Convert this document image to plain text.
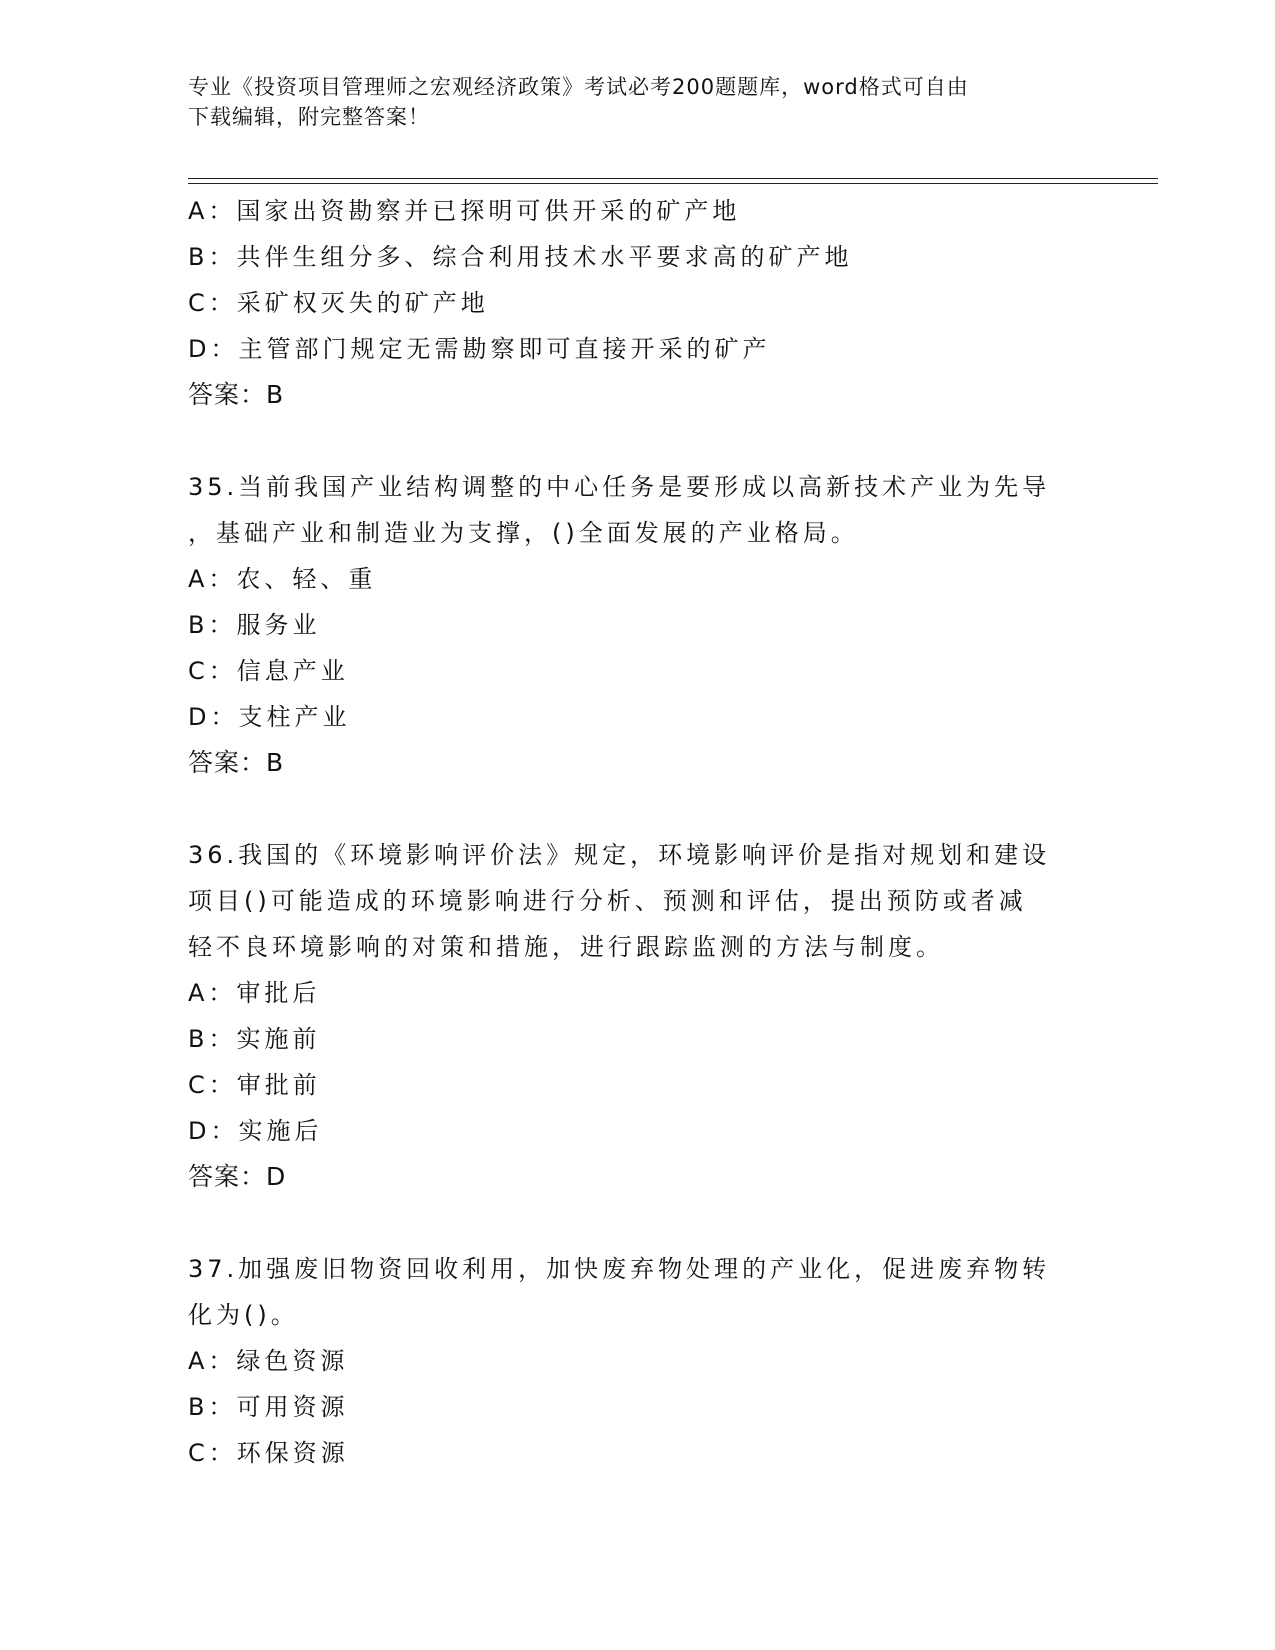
专业《投资项目管理师之宏观经济政策》考试必考200题题库，word格式可自由
下载编辑，附完整答案！
A：国家出资勘察并已探明可供开采的矿产地
B：共伴生组分多、综合利用技术水平要求高的矿产地
C：采矿权灭失的矿产地
D：主管部门规定无需勘察即可直接开采的矿产
答案：B
35.当前我国产业结构调整的中心任务是要形成以高新技术产业为先导
，基础产业和制造业为支撑，()全面发展的产业格局。
A：农、轻、重
B：服务业
C：信息产业
D：支柱产业
答案：B
36.我国的《环境影响评价法》规定，环境影响评价是指对规划和建设
项目()可能造成的环境影响进行分析、预测和评估，提出预防或者减
轻不良环境影响的对策和措施，进行跟踪监测的方法与制度。
A：审批后
B：实施前
C：审批前
D：实施后
答案：D
37.加强废旧物资回收利用，加快废弃物处理的产业化，促进废弃物转
化为()。
A：绿色资源
B：可用资源
C：环保资源
